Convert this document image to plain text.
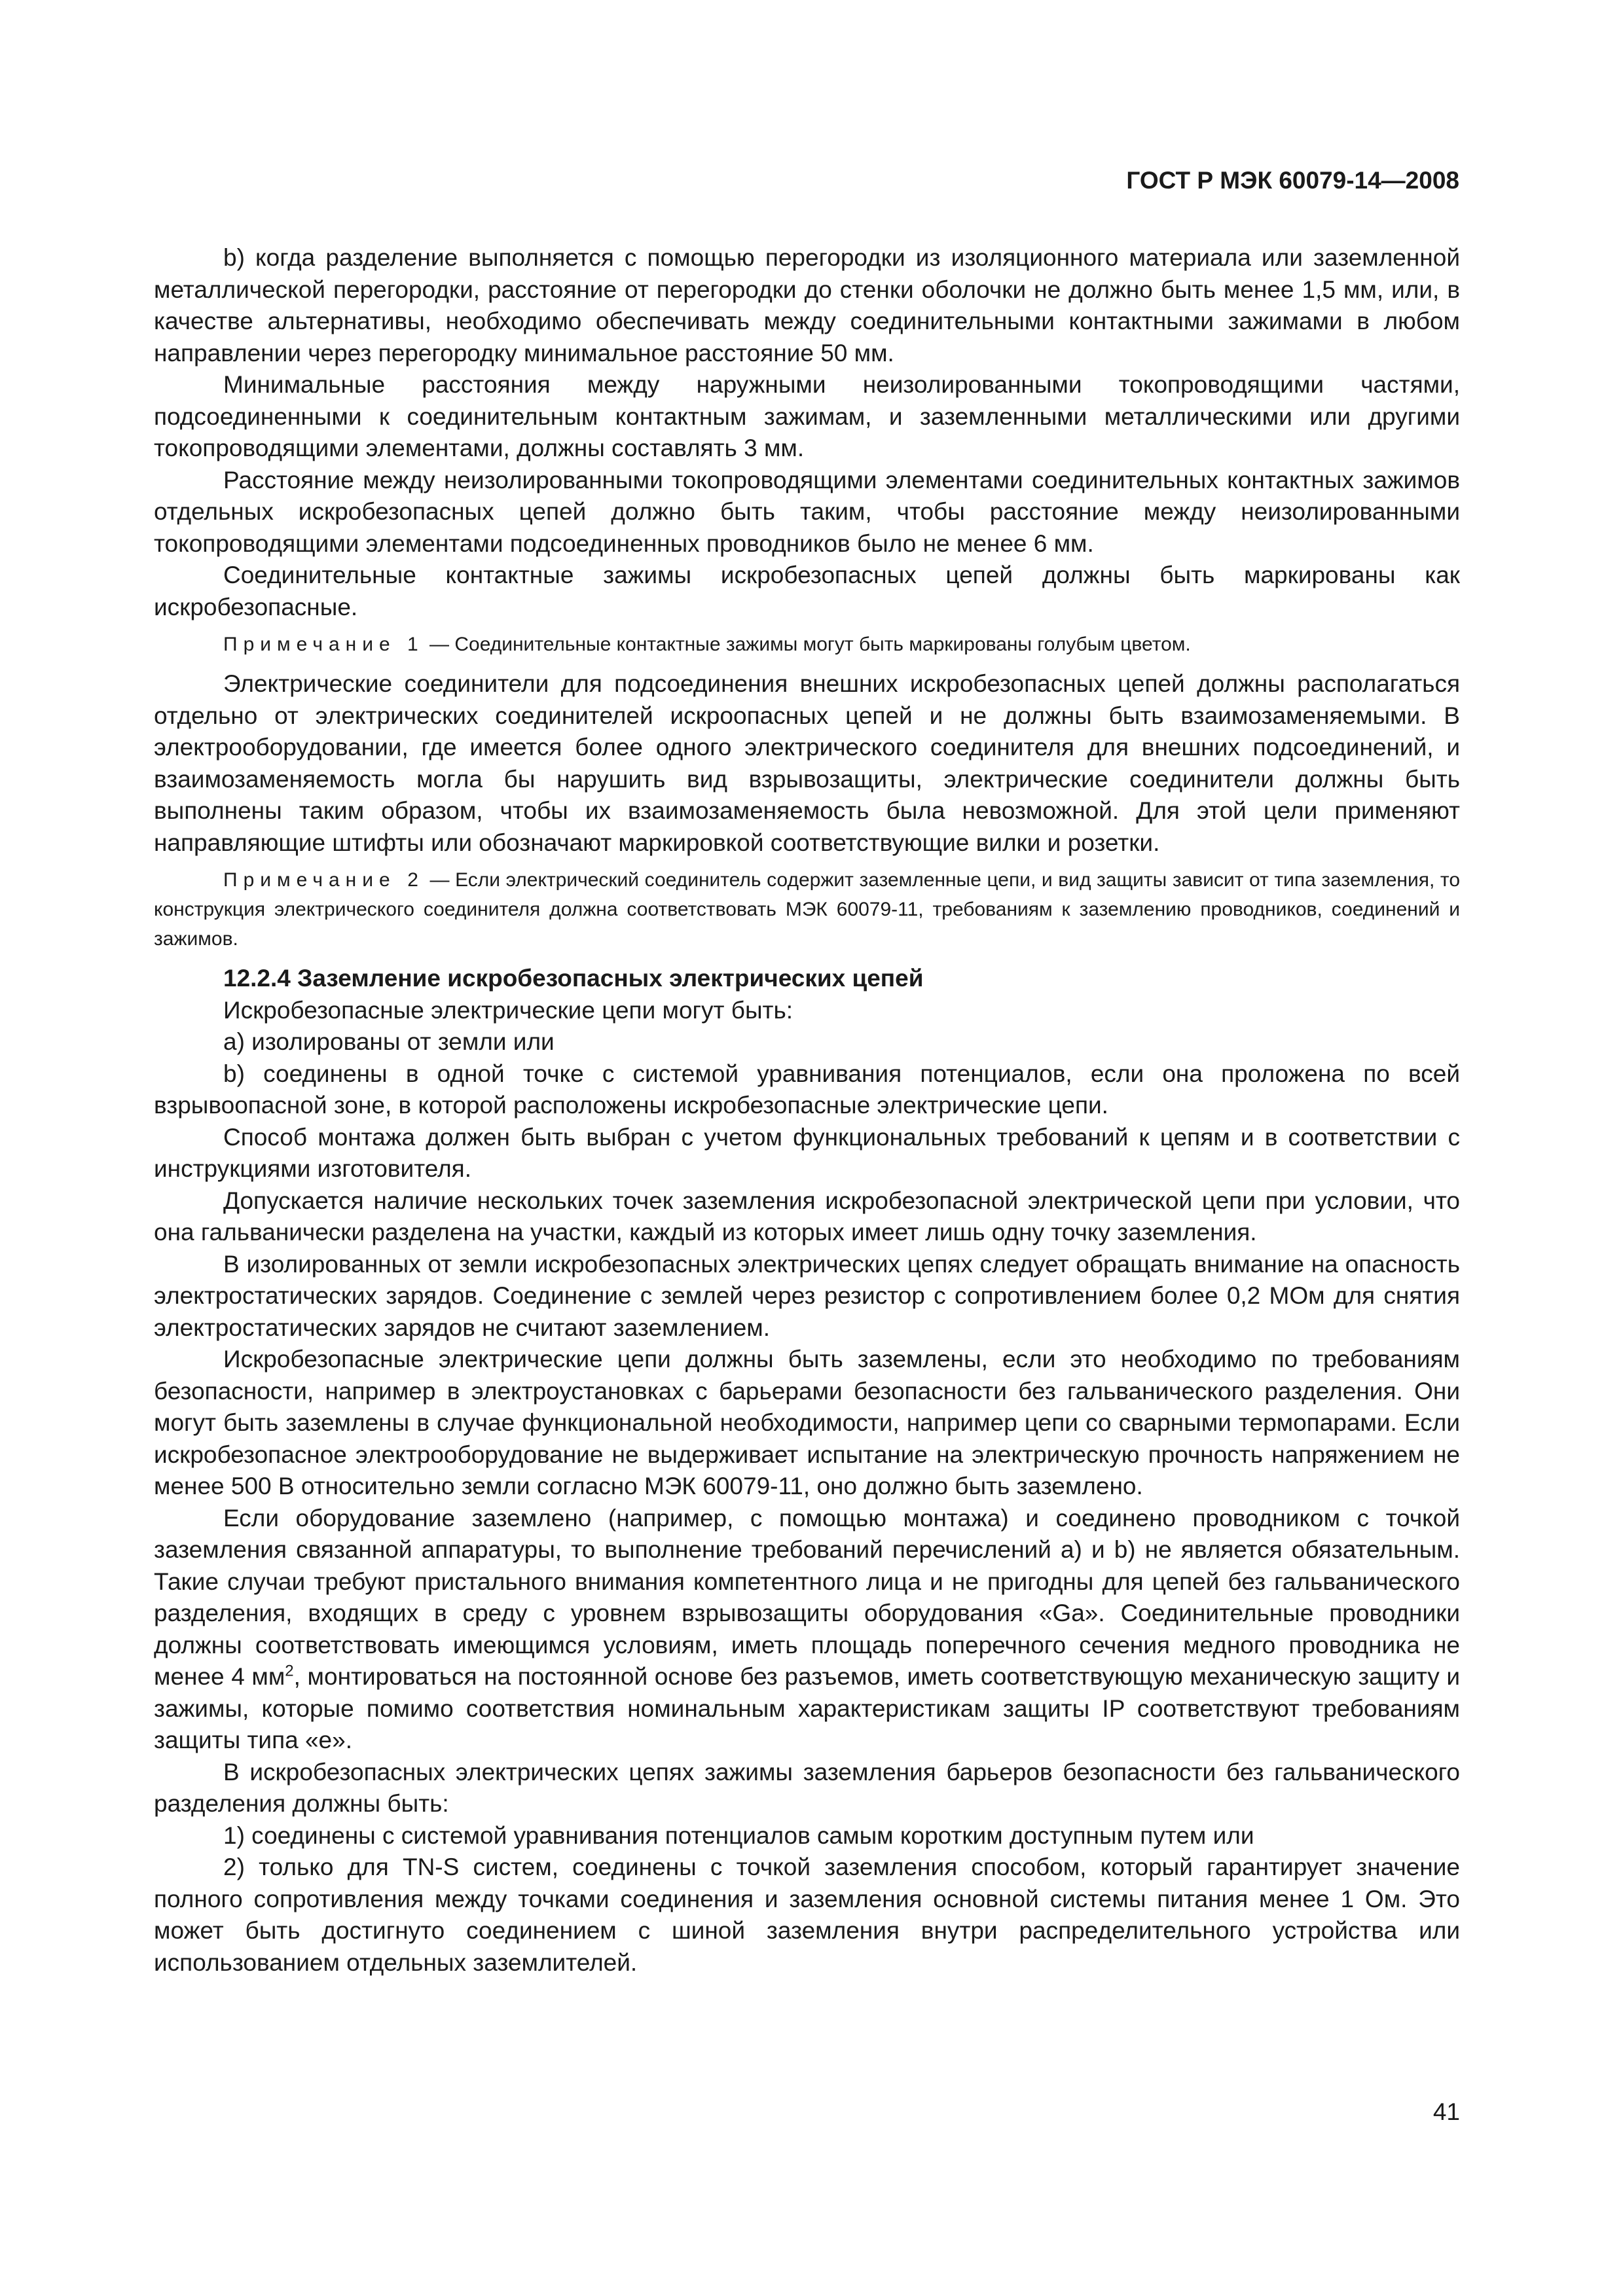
ГОСТ Р МЭК 60079-14—2008

b) когда разделение выполняется с помощью перегородки из изоляционного материала или заземленной металлической перегородки, расстояние от перегородки до стенки оболочки не должно быть менее 1,5 мм, или, в качестве альтернативы, необходимо обеспечивать между соединительными контактными зажимами в любом направлении через перегородку минимальное расстояние 50 мм.

Минимальные расстояния между наружными неизолированными токопроводящими частями, подсоединенными к соединительным контактным зажимам, и заземленными металлическими или другими токопроводящими элементами, должны составлять 3 мм.

Расстояние между неизолированными токопроводящими элементами соединительных контактных зажимов отдельных искробезопасных цепей должно быть таким, чтобы расстояние между неизолированными токопроводящими элементами подсоединенных проводников было не менее 6 мм.

Соединительные контактные зажимы искробезопасных цепей должны быть маркированы как искробезопасные.

Примечание 1 — Соединительные контактные зажимы могут быть маркированы голубым цветом.

Электрические соединители для подсоединения внешних искробезопасных цепей должны располагаться отдельно от электрических соединителей искроопасных цепей и не должны быть взаимозаменяемыми. В электрооборудовании, где имеется более одного электрического соединителя для внешних подсоединений, и взаимозаменяемость могла бы нарушить вид взрывозащиты, электрические соединители должны быть выполнены таким образом, чтобы их взаимозаменяемость была невозможной. Для этой цели применяют направляющие штифты или обозначают маркировкой соответствующие вилки и розетки.

Примечание 2 — Если электрический соединитель содержит заземленные цепи, и вид защиты зависит от типа заземления, то конструкция электрического соединителя должна соответствовать МЭК 60079-11, требованиям к заземлению проводников, соединений и зажимов.

12.2.4 Заземление искробезопасных электрических цепей

Искробезопасные электрические цепи могут быть:

a) изолированы от земли или

b) соединены в одной точке с системой уравнивания потенциалов, если она проложена по всей взрывоопасной зоне, в которой расположены искробезопасные электрические цепи.

Способ монтажа должен быть выбран с учетом функциональных требований к цепям и в соответствии с инструкциями изготовителя.

Допускается наличие нескольких точек заземления искробезопасной электрической цепи при условии, что она гальванически разделена на участки, каждый из которых имеет лишь одну точку заземления.

В изолированных от земли искробезопасных электрических цепях следует обращать внимание на опасность электростатических зарядов. Соединение с землей через резистор с сопротивлением более 0,2 МОм для снятия электростатических зарядов не считают заземлением.

Искробезопасные электрические цепи должны быть заземлены, если это необходимо по требованиям безопасности, например в электроустановках с барьерами безопасности без гальванического разделения. Они могут быть заземлены в случае функциональной необходимости, например цепи со сварными термопарами. Если искробезопасное электрооборудование не выдерживает испытание на электрическую прочность напряжением не менее 500 В относительно земли согласно МЭК 60079-11, оно должно быть заземлено.

Если оборудование заземлено (например, с помощью монтажа) и соединено проводником с точкой заземления связанной аппаратуры, то выполнение требований перечислений a) и b) не является обязательным. Такие случаи требуют пристального внимания компетентного лица и не пригодны для цепей без гальванического разделения, входящих в среду с уровнем взрывозащиты оборудования «Ga». Соединительные проводники должны соответствовать имеющимся условиям, иметь площадь поперечного сечения медного проводника не менее 4 $мм^2$, монтироваться на постоянной основе без разъемов, иметь соответствующую механическую защиту и зажимы, которые помимо соответствия номинальным характеристикам защиты IP соответствуют требованиям защиты типа «е».

В искробезопасных электрических цепях зажимы заземления барьеров безопасности без гальванического разделения должны быть:

1) соединены с системой уравнивания потенциалов самым коротким доступным путем или

2) только для TN-S систем, соединены с точкой заземления способом, который гарантирует значение полного сопротивления между точками соединения и заземления основной системы питания менее 1 Ом. Это может быть достигнуто соединением с шиной заземления внутри распределительного устройства или использованием отдельных заземлителей.

41
